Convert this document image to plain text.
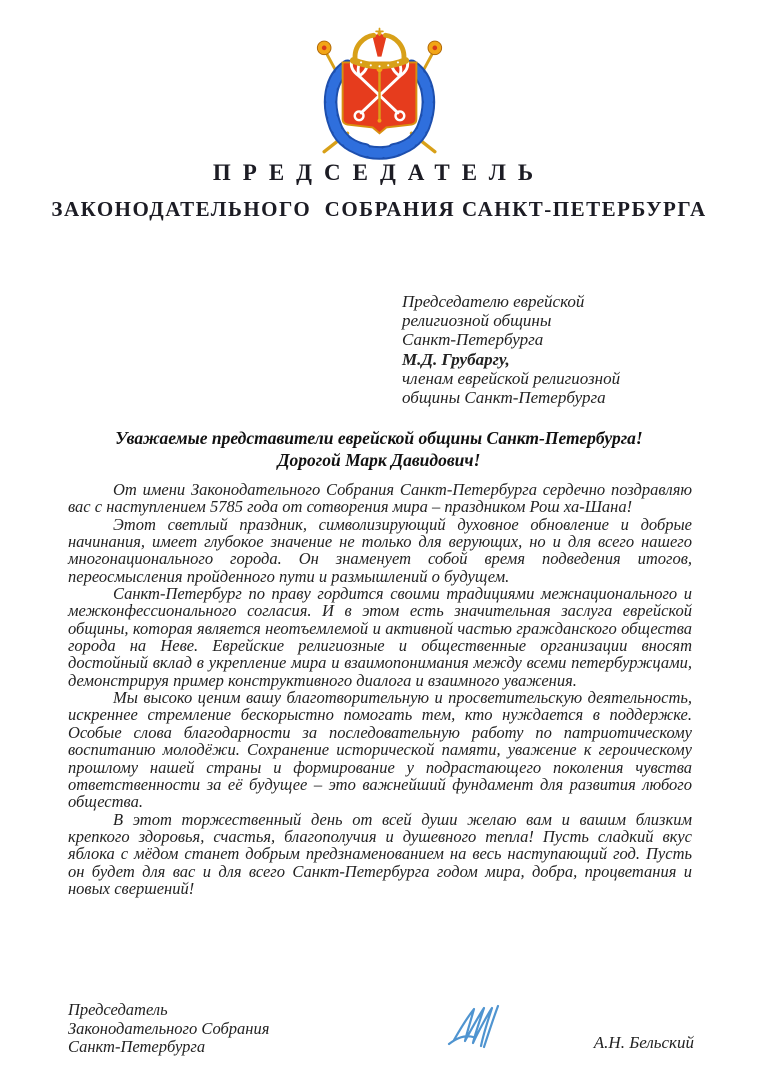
ПРЕДСЕДАТЕЛЬ
ЗАКОНОДАТЕЛЬНОГО  СОБРАНИЯ САНКТ-ПЕТЕРБУРГА
Председателю еврейской
религиозной общины
Санкт-Петербурга
М.Д. Грубаргу,
членам еврейской религиозной
общины Санкт-Петербурга
Уважаемые представители еврейской общины Санкт-Петербурга!
Дорогой Марк Давидович!

От имени Законодательного Собрания Санкт-Петербурга сердечно поздравляю вас с наступлением 5785 года от сотворения мира – праздником Рош ха-Шана!

Этот светлый праздник, символизирующий духовное обновление и добрые начинания, имеет глубокое значение не только для верующих, но и для всего нашего многонационального города. Он знаменует собой время подведения итогов, переосмысления пройденного пути и размышлений о будущем.

Санкт-Петербург по праву гордится своими традициями межнационального и межконфессионального согласия. И в этом есть значительная заслуга еврейской общины, которая является неотъемлемой и активной частью гражданского общества города на Неве. Еврейские религиозные и общественные организации вносят достойный вклад в укрепление мира и взаимопонимания между всеми петербуржцами, демонстрируя пример конструктивного диалога и взаимного уважения.

Мы высоко ценим вашу благотворительную и просветительскую деятельность, искреннее стремление бескорыстно помогать тем, кто нуждается в поддержке. Особые слова благодарности за последовательную работу по патриотическому воспитанию молодёжи. Сохранение исторической памяти, уважение к героическому прошлому нашей страны и формирование у подрастающего поколения чувства ответственности за её будущее – это важнейший фундамент для развития любого общества.

В этот торжественный день от всей души желаю вам и вашим близким крепкого здоровья, счастья, благополучия и душевного тепла! Пусть сладкий вкус яблока с мёдом станет добрым предзнаменованием на весь наступающий год. Пусть он будет для вас и для всего Санкт-Петербурга годом мира, добра, процветания и новых свершений!

Председатель
Законодательного Собрания
Санкт-Петербурга	А.Н. Бельский
